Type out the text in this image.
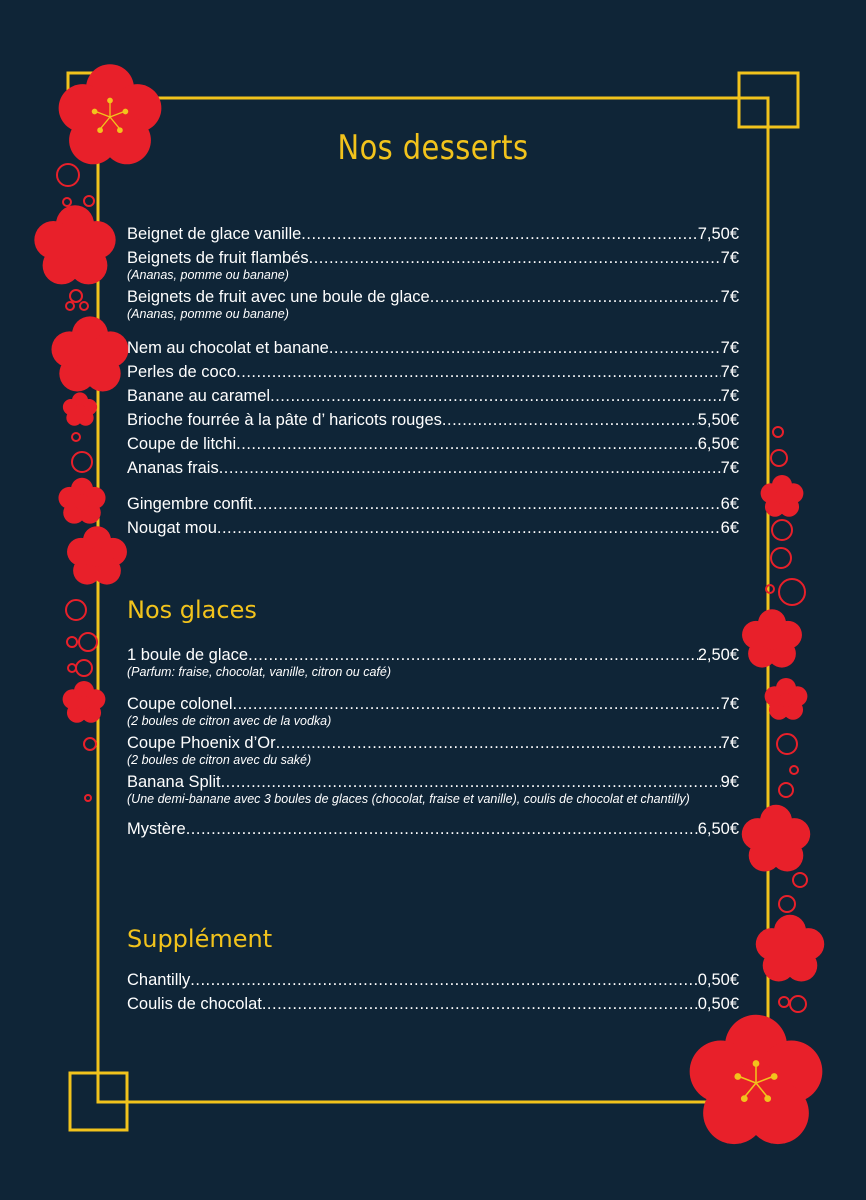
Nos desserts
Beignet de glace vanille .....	7,50€
Beignets de fruit flambés .....	7€
(Ananas, pomme ou banane)
Beignets de fruit avec une boule de glace .....	7€
(Ananas, pomme ou banane)
Nem au chocolat et banane .....	7€
Perles de coco .....	7€
Banane au caramel .....	7€
Brioche fourrée à la pâte d’ haricots rouges .....	5,50€
Coupe de litchi .....	6,50€
Ananas frais .....	7€
Gingembre confit .....	6€
Nougat mou .....	6€
Nos glaces
1 boule de glace .....	2,50€
(Parfum: fraise, chocolat, vanille, citron ou café)
Coupe colonel .....	7€
(2 boules de citron avec de la vodka)
Coupe Phoenix d’Or .....	7€
(2 boules de citron avec du saké)
Banana Split .....	9€
(Une demi-banane avec 3 boules de glaces (chocolat, fraise et vanille), coulis de chocolat et chantilly)
Mystère .....	6,50€
Supplément
Chantilly .....	0,50€
Coulis de chocolat .....	0,50€
